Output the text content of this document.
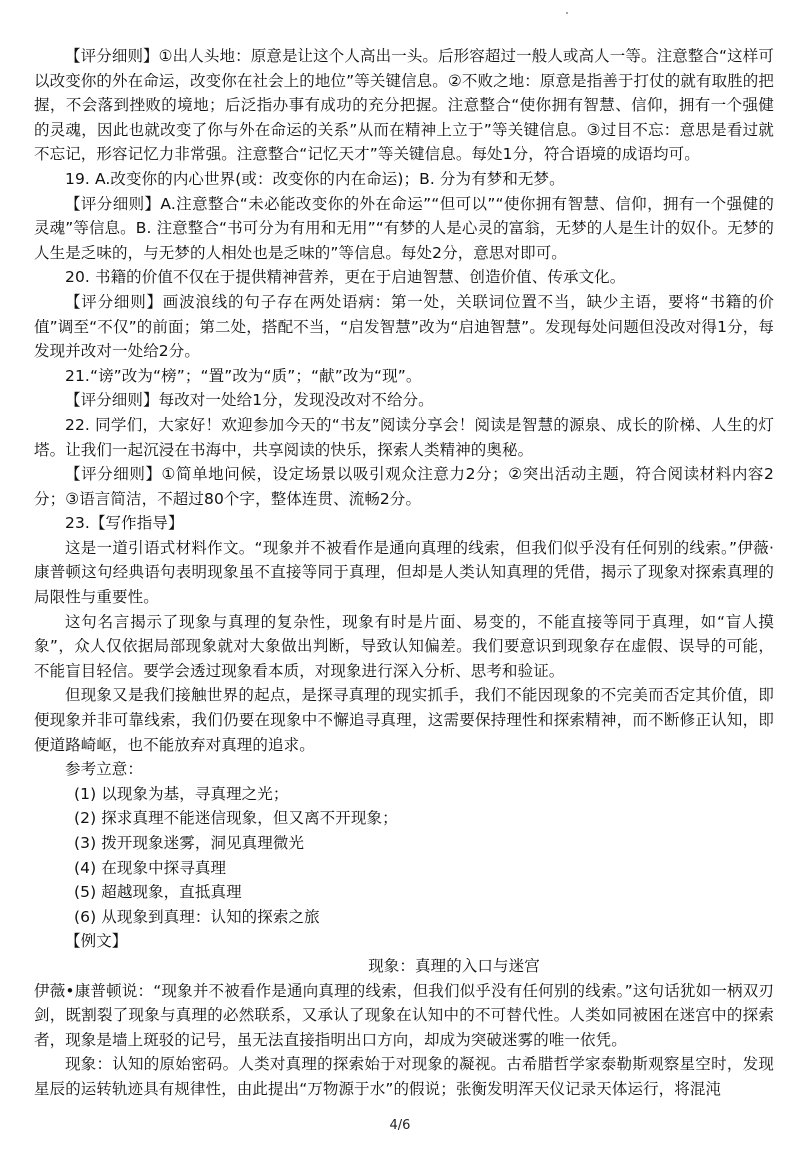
【评分细则】①出人头地：原意是让这个人高出一头。后形容超过一般人或高人一等。注意整合“这样可以改变你的外在命运，改变你在社会上的地位”等关键信息。②不败之地：原意是指善于打仗的就有取胜的把握，不会落到挫败的境地；后泛指办事有成功的充分把握。注意整合“使你拥有智慧、信仰，拥有一个强健的灵魂，因此也就改变了你与外在命运的关系”从而在精神上立于”等关键信息。③过目不忘：意思是看过就不忘记，形容记忆力非常强。注意整合“记忆天才”等关键信息。每处1分，符合语境的成语均可。

19. A.改变你的内心世界(或：改变你的内在命运)；B. 分为有梦和无梦。

【评分细则】A.注意整合“未必能改变你的外在命运”“但可以”“使你拥有智慧、信仰，拥有一个强健的灵魂”等信息。B. 注意整合“书可分为有用和无用”“有梦的人是心灵的富翁，无梦的人是生计的奴仆。无梦的人生是乏味的，与无梦的人相处也是乏味的”等信息。每处2分，意思对即可。

20. 书籍的价值不仅在于提供精神营养，更在于启迪智慧、创造价值、传承文化。

【评分细则】画波浪线的句子存在两处语病：第一处，关联词位置不当，缺少主语，要将“书籍的价值”调至“不仅”的前面；第二处，搭配不当，“启发智慧”改为“启迪智慧”。发现每处问题但没改对得1分，每发现并改对一处给2分。

21.“谤”改为“榜”；“置”改为“质”；“献”改为“现”。

【评分细则】每改对一处给1分，发现没改对不给分。

22. 同学们，大家好！欢迎参加今天的“书友”阅读分享会！阅读是智慧的源泉、成长的阶梯、人生的灯塔。让我们一起沉浸在书海中，共享阅读的快乐，探索人类精神的奥秘。

【评分细则】①简单地问候，设定场景以吸引观众注意力2分；②突出活动主题，符合阅读材料内容2分；③语言简洁，不超过80个字，整体连贯、流畅2分。

23.【写作指导】

这是一道引语式材料作文。“现象并不被看作是通向真理的线索，但我们似乎没有任何别的线索。”伊薇·康普顿这句经典语句表明现象虽不直接等同于真理，但却是人类认知真理的凭借，揭示了现象对探索真理的局限性与重要性。

这句名言揭示了现象与真理的复杂性，现象有时是片面、易变的，不能直接等同于真理，如“盲人摸象”，众人仅依据局部现象就对大象做出判断，导致认知偏差。我们要意识到现象存在虚假、误导的可能，不能盲目轻信。要学会透过现象看本质，对现象进行深入分析、思考和验证。

但现象又是我们接触世界的起点，是探寻真理的现实抓手，我们不能因现象的不完美而否定其价值，即便现象并非可靠线索，我们仍要在现象中不懈追寻真理，这需要保持理性和探索精神，而不断修正认知，即便道路崎岖，也不能放弃对真理的追求。

参考立意：

(1) 以现象为基，寻真理之光；

(2) 探求真理不能迷信现象，但又离不开现象；

(3) 拨开现象迷雾，洞见真理微光

(4) 在现象中探寻真理

(5) 超越现象，直抵真理

(6) 从现象到真理：认知的探索之旅

【例文】

现象：真理的入口与迷宫

伊薇•康普顿说：“现象并不被看作是通向真理的线索，但我们似乎没有任何别的线索。”这句话犹如一柄双刃剑，既割裂了现象与真理的必然联系，又承认了现象在认知中的不可替代性。人类如同被困在迷宫中的探索者，现象是墙上斑驳的记号，虽无法直接指明出口方向，却成为突破迷雾的唯一依凭。

现象：认知的原始密码。人类对真理的探索始于对现象的凝视。古希腊哲学家泰勒斯观察星空时，发现星辰的运转轨迹具有规律性，由此提出“万物源于水”的假说；张衡发明浑天仪记录天体运行，将混沌

4/6
